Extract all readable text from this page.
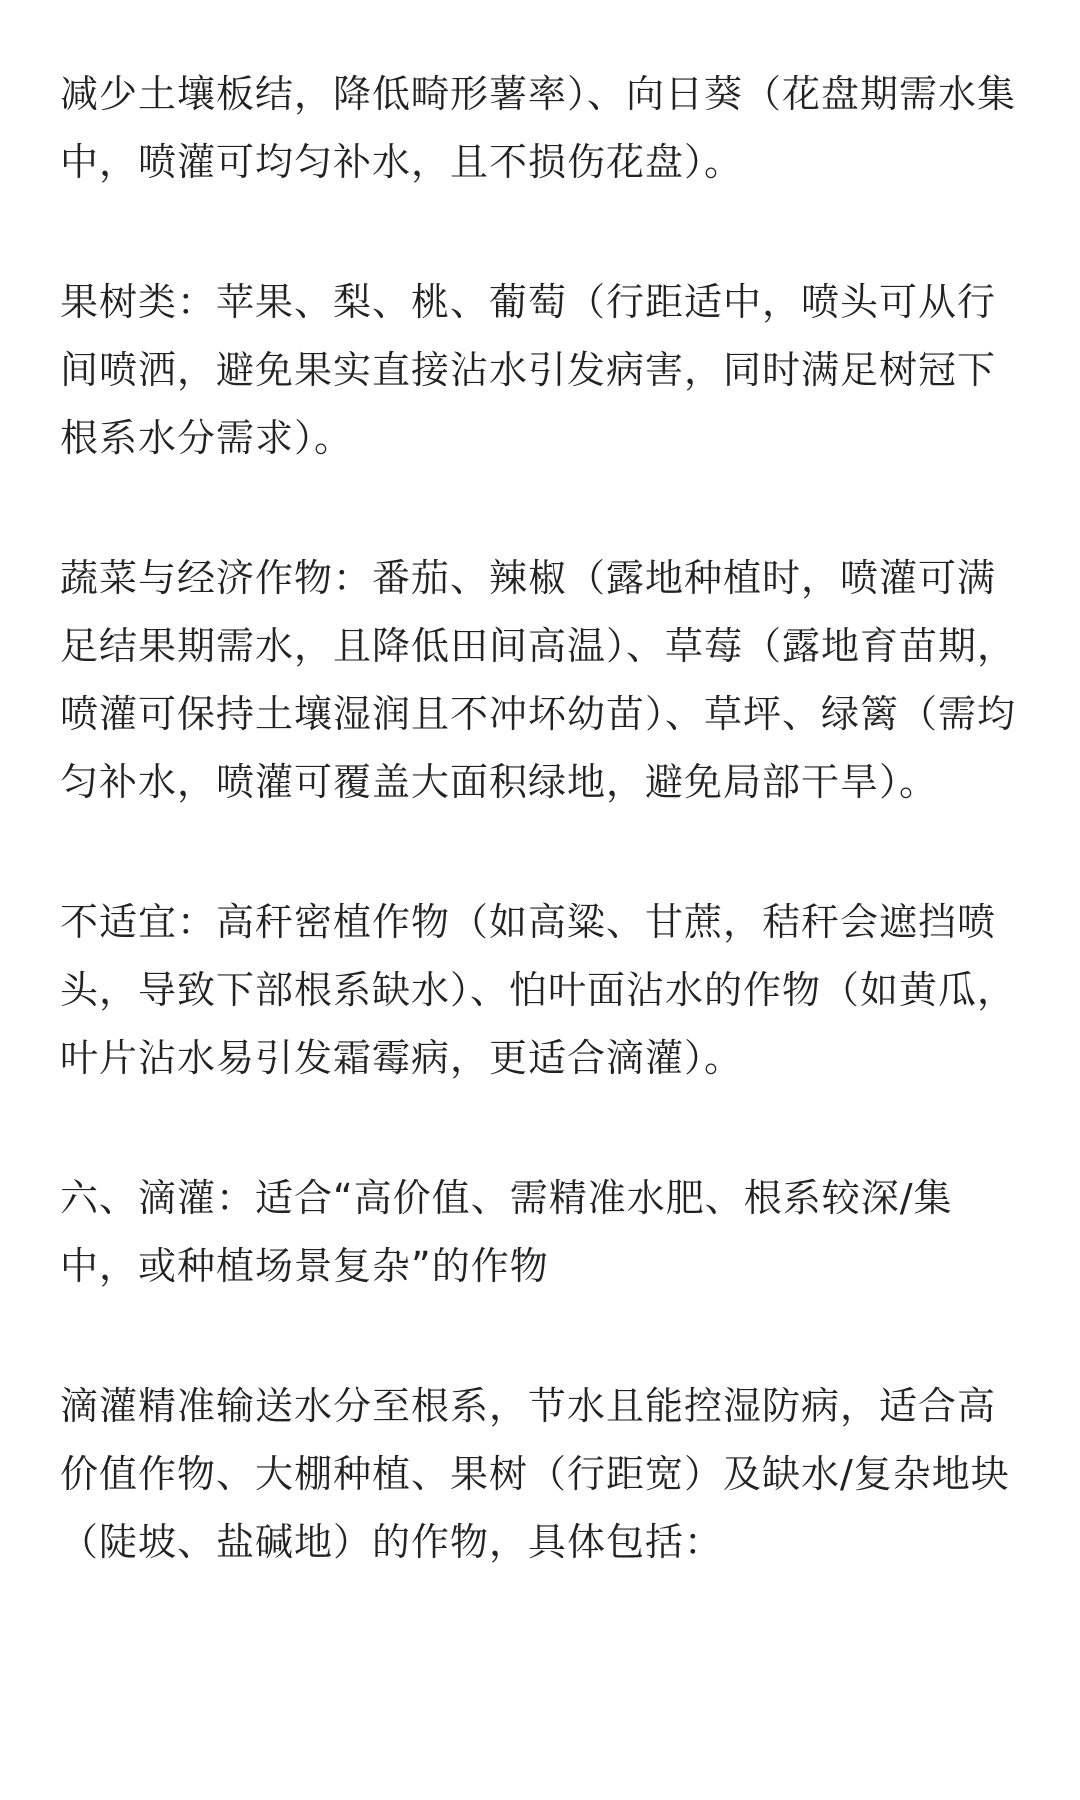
减少土壤板结，降低畸形薯率）、向日葵（花盘期需水集中，喷灌可均匀补水，且不损伤花盘）。

果树类：苹果、梨、桃、葡萄（行距适中，喷头可从行间喷洒，避免果实直接沾水引发病害，同时满足树冠下根系水分需求）。

蔬菜与经济作物：番茄、辣椒（露地种植时，喷灌可满足结果期需水，且降低田间高温）、草莓（露地育苗期，喷灌可保持土壤湿润且不冲坏幼苗）、草坪、绿篱（需均匀补水，喷灌可覆盖大面积绿地，避免局部干旱）。

不适宜：高秆密植作物（如高粱、甘蔗，秸秆会遮挡喷头，导致下部根系缺水）、怕叶面沾水的作物（如黄瓜，叶片沾水易引发霜霉病，更适合滴灌）。

六、滴灌：适合“高价值、需精准水肥、根系较深/集中，或种植场景复杂”的作物

滴灌精准输送水分至根系，节水且能控湿防病，适合高价值作物、大棚种植、果树（行距宽）及缺水/复杂地块（陡坡、盐碱地）的作物，具体包括：
